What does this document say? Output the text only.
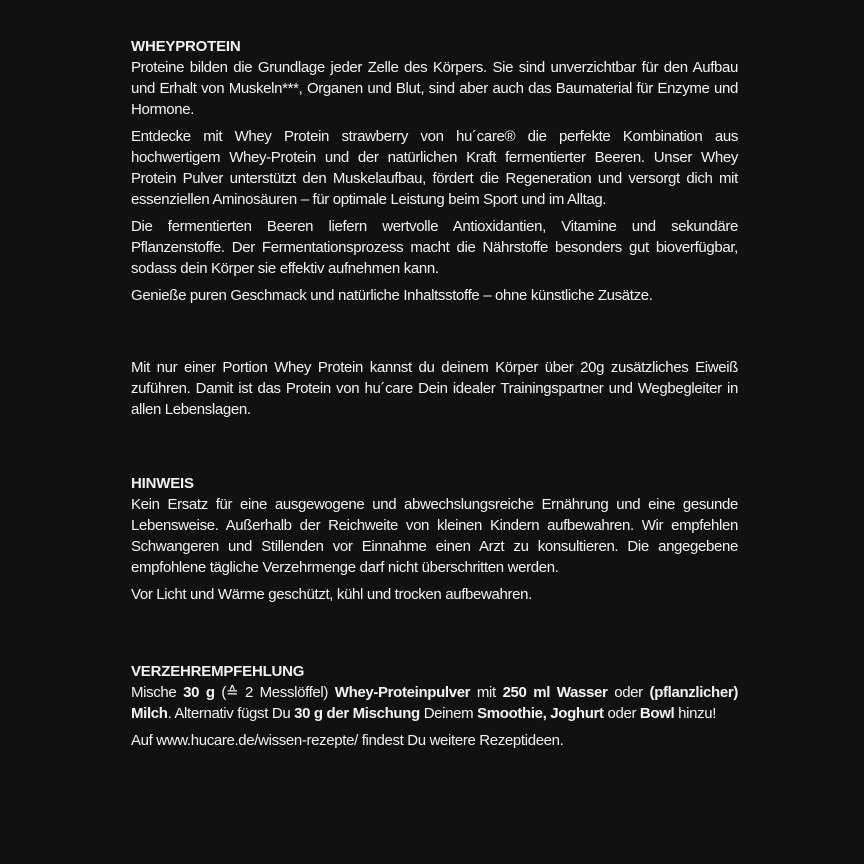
WHEYPROTEIN

Proteine bilden die Grundlage jeder Zelle des Körpers. Sie sind unverzichtbar für den Aufbau und Erhalt von Muskeln***, Organen und Blut, sind aber auch das Baumaterial für Enzyme und Hormone.

Entdecke mit Whey Protein strawberry von hu´care® die perfekte Kombination aus hochwertigem Whey-Protein und der natürlichen Kraft fermentierter Beeren. Unser Whey Protein Pulver unterstützt den Muskelaufbau, fördert die Regeneration und versorgt dich mit essenziellen Aminosäuren – für optimale Leistung beim Sport und im Alltag.

Die fermentierten Beeren liefern wertvolle Antioxidantien, Vitamine und sekundäre Pflanzenstoffe. Der Fermentationsprozess macht die Nährstoffe besonders gut bioverfügbar, sodass dein Körper sie effektiv aufnehmen kann.

Genieße puren Geschmack und natürliche Inhaltsstoffe – ohne künstliche Zusätze.

Mit nur einer Portion Whey Protein kannst du deinem Körper über 20g zusätzliches Eiweiß zuführen. Damit ist das Protein von hu´care Dein idealer Trainingspartner und Wegbegleiter in allen Lebenslagen.

HINWEIS

Kein Ersatz für eine ausgewogene und abwechslungsreiche Ernährung und eine gesunde Lebensweise. Außerhalb der Reichweite von kleinen Kindern aufbewahren. Wir empfehlen Schwangeren und Stillenden vor Einnahme einen Arzt zu konsultieren. Die angegebene empfohlene tägliche Verzehrmenge darf nicht überschritten werden.

Vor Licht und Wärme geschützt, kühl und trocken aufbewahren.

VERZEHREMPFEHLUNG

Mische 30 g (≙ 2 Messlöffel) Whey-Proteinpulver mit 250 ml Wasser oder (pflanzlicher) Milch. Alternativ fügst Du 30 g der Mischung Deinem Smoothie, Joghurt oder Bowl hinzu!

Auf www.hucare.de/wissen-rezepte/ findest Du weitere Rezeptideen.
